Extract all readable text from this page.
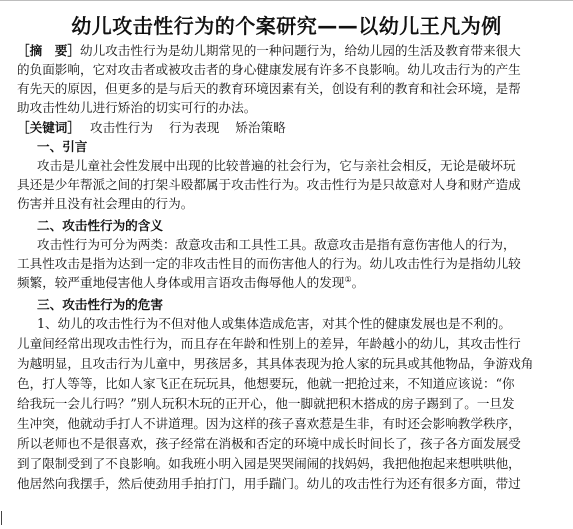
幼儿攻击性行为的个案研究——以幼儿王凡为例
［摘　要］幼儿攻击性行为是幼儿期常见的一种问题行为，给幼儿园的生活及教育带来很大
的负面影响，它对攻击者或被攻击者的身心健康发展有许多不良影响。幼儿攻击行为的产生
有先天的原因，但更多的是与后天的教育环境因素有关，创设有利的教育和社会环境，是帮
助攻击性幼儿进行矫治的切实可行的办法。
［关键词］ 攻击性行为 行为表现 矫治策略
一、引言
攻击是儿童社会性发展中出现的比较普遍的社会行为，它与亲社会相反，无论是破坏玩
具还是少年帮派之间的打架斗殴都属于攻击性行为。攻击性行为是只故意对人身和财产造成
伤害并且没有社会理由的行为。
二、攻击性行为的含义
攻击性行为可分为两类：敌意攻击和工具性工具。敌意攻击是指有意伤害他人的行为，
工具性攻击是指为达到一定的非攻击性目的而伤害他人的行为。幼儿攻击性行为是指幼儿较
频繁，较严重地侵害他人身体或用言语攻击侮辱他人的发现①。
三、攻击性行为的危害
1、幼儿的攻击性行为不但对他人或集体造成危害，对其个性的健康发展也是不利的。
儿童间经常出现攻击性行为，而且存在年龄和性别上的差异，年龄越小的幼儿，其攻击性行
为越明显，且攻击行为儿童中，男孩居多，其具体表现为抢人家的玩具或其他物品，争游戏角
色，打人等等，比如人家飞正在玩玩具，他想要玩，他就一把抢过来，不知道应该说：“你
给我玩一会儿行吗？”别人玩积木玩的正开心，他一脚就把积木搭成的房子踢到了。一旦发
生冲突，他就动手打人不讲道理。因为这样的孩子喜欢惹是生非，有时还会影响教学秩序，
所以老师也不是很喜欢，孩子经常在消极和否定的环境中成长时间长了，孩子各方面发展受
到了限制受到了不良影响。如我班小明入园是哭哭闹闹的找妈妈，我把他抱起来想哄哄他，
他居然向我摆手，然后使劲用手拍打门，用手踹门。幼儿的攻击性行为还有很多方面，带过
